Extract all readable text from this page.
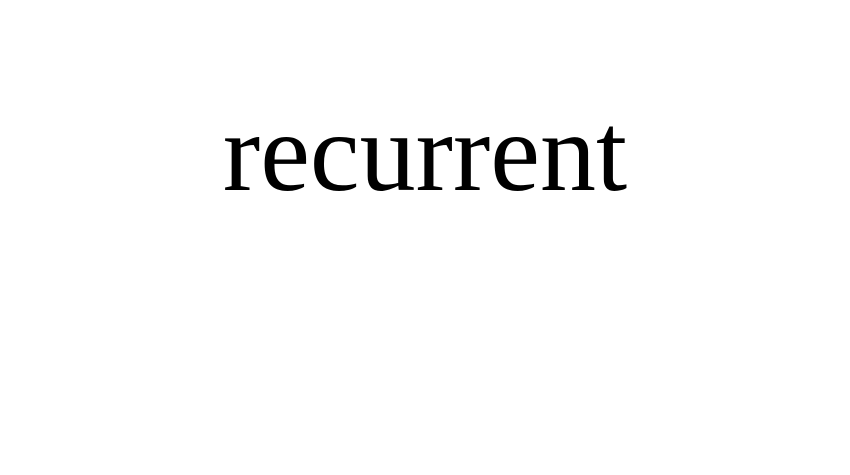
recurrent
